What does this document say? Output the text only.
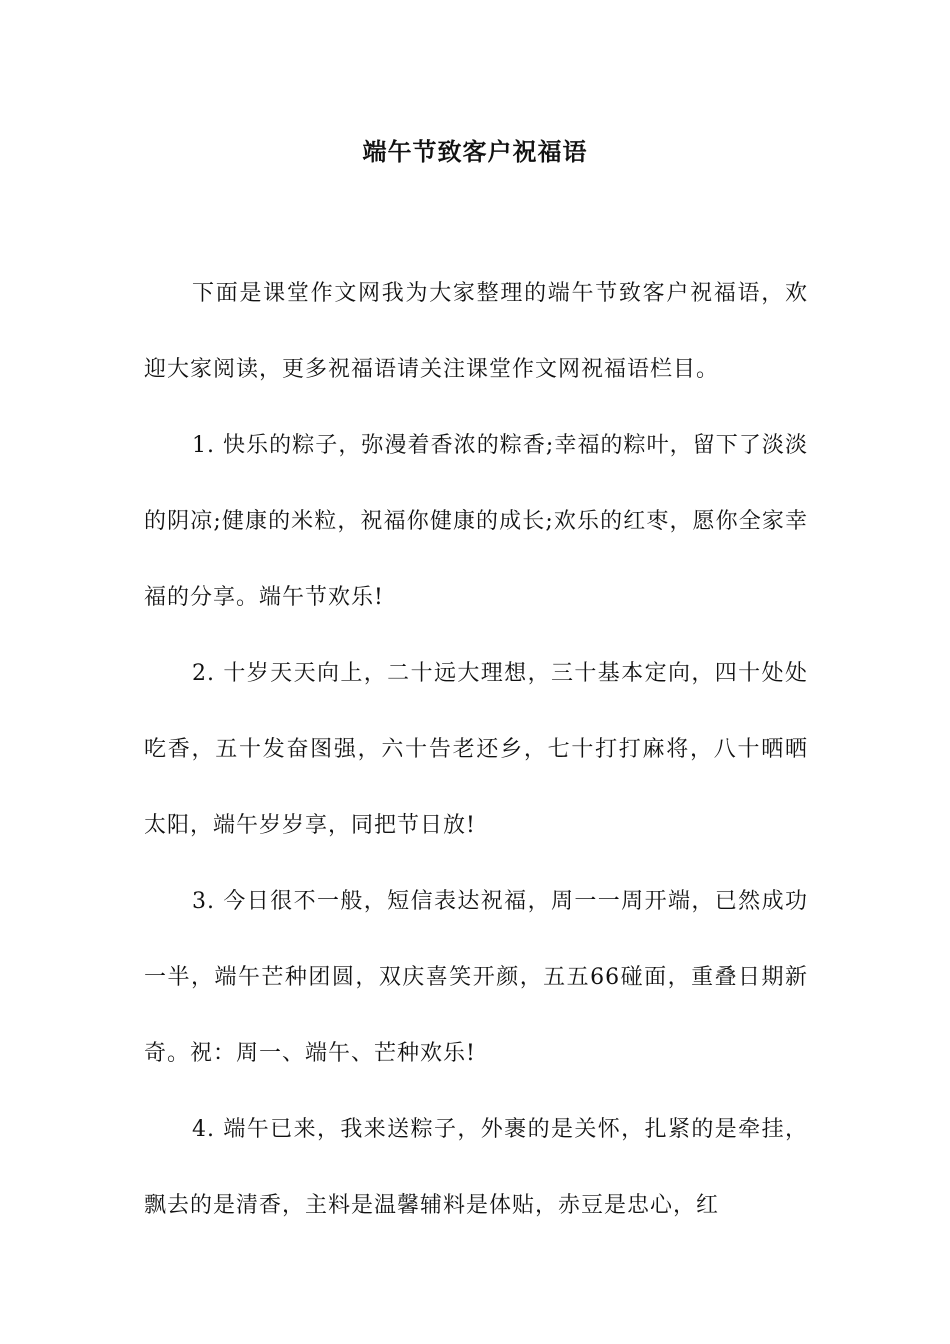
端午节致客户祝福语

下面是课堂作文网我为大家整理的端午节致客户祝福语，欢迎大家阅读，更多祝福语请关注课堂作文网祝福语栏目。

1. 快乐的粽子，弥漫着香浓的粽香;幸福的粽叶，留下了淡淡的阴凉;健康的米粒，祝福你健康的成长;欢乐的红枣，愿你全家幸福的分享。端午节欢乐!

2. 十岁天天向上，二十远大理想，三十基本定向，四十处处吃香，五十发奋图强，六十告老还乡，七十打打麻将，八十晒晒太阳，端午岁岁享，同把节日放!

3. 今日很不一般，短信表达祝福，周一一周开端，已然成功一半，端午芒种团圆，双庆喜笑开颜，五五66碰面，重叠日期新奇。祝：周一、端午、芒种欢乐!

4. 端午已来，我来送粽子，外裹的是关怀，扎紧的是牵挂，飘去的是清香，主料是温馨辅料是体贴，赤豆是忠心，红
